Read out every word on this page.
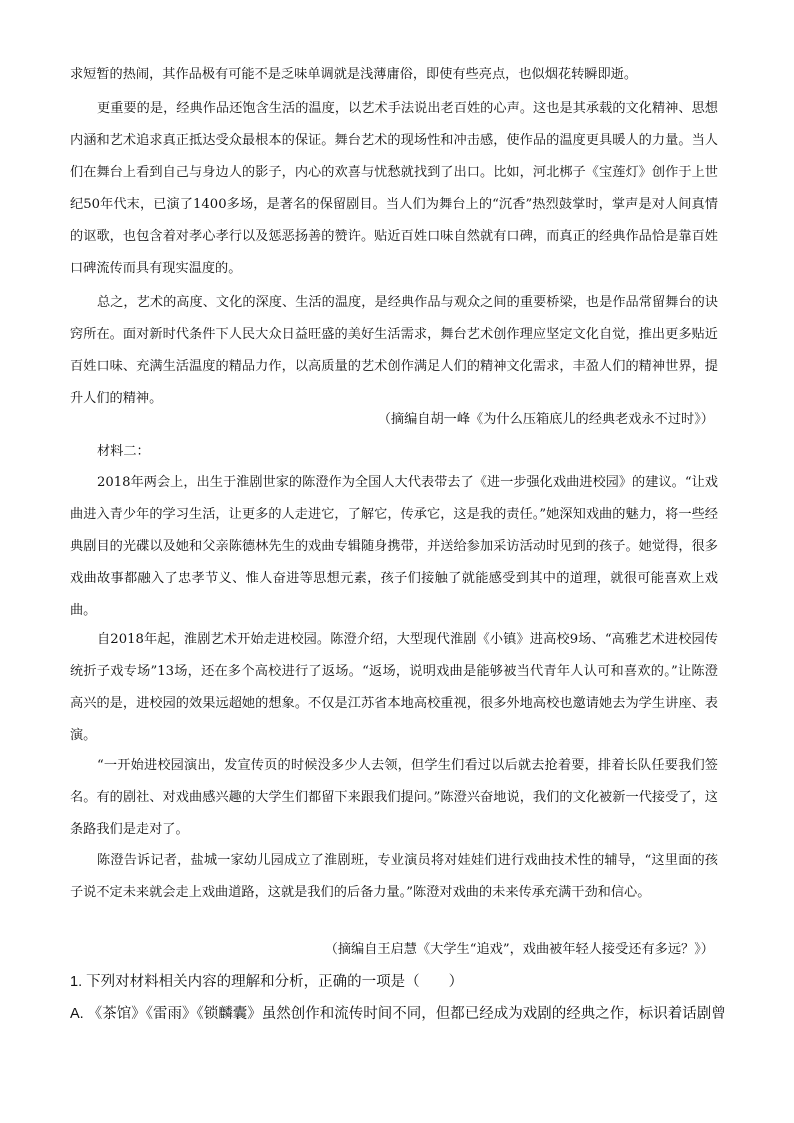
求短暂的热闹，其作品极有可能不是乏味单调就是浅薄庸俗，即使有些亮点，也似烟花转瞬即逝。

更重要的是，经典作品还饱含生活的温度，以艺术手法说出老百姓的心声。这也是其承载的文化精神、思想内涵和艺术追求真正抵达受众最根本的保证。舞台艺术的现场性和冲击感，使作品的温度更具暖人的力量。当人们在舞台上看到自己与身边人的影子，内心的欢喜与忧愁就找到了出口。比如，河北梆子《宝莲灯》创作于上世纪50年代末，已演了1400多场，是著名的保留剧目。当人们为舞台上的“沉香”热烈鼓掌时，掌声是对人间真情的讴歌，也包含着对孝心孝行以及惩恶扬善的赞许。贴近百姓口味自然就有口碑，而真正的经典作品恰是靠百姓口碑流传而具有现实温度的。

总之，艺术的高度、文化的深度、生活的温度，是经典作品与观众之间的重要桥梁，也是作品常留舞台的诀窍所在。面对新时代条件下人民大众日益旺盛的美好生活需求，舞台艺术创作理应坚定文化自觉，推出更多贴近百姓口味、充满生活温度的精品力作，以高质量的艺术创作满足人们的精神文化需求，丰盈人们的精神世界，提升人们的精神。

（摘编自胡一峰《为什么压箱底儿的经典老戏永不过时》）

材料二：

2018年两会上，出生于淮剧世家的陈澄作为全国人大代表带去了《进一步强化戏曲进校园》的建议。“让戏曲进入青少年的学习生活，让更多的人走进它，了解它，传承它，这是我的责任。”她深知戏曲的魅力，将一些经典剧目的光碟以及她和父亲陈德林先生的戏曲专辑随身携带，并送给参加采访活动时见到的孩子。她觉得，很多戏曲故事都融入了忠孝节义、惟人奋进等思想元素，孩子们接触了就能感受到其中的道理，就很可能喜欢上戏曲。

自2018年起，淮剧艺术开始走进校园。陈澄介绍，大型现代淮剧《小镇》进高校9场、“高雅艺术进校园传统折子戏专场”13场，还在多个高校进行了返场。“返场，说明戏曲是能够被当代青年人认可和喜欢的。”让陈澄高兴的是，进校园的效果远超她的想象。不仅是江苏省本地高校重视，很多外地高校也邀请她去为学生讲座、表演。

“一开始进校园演出，发宣传页的时候没多少人去领，但学生们看过以后就去抢着要，排着长队任要我们签名。有的剧社、对戏曲感兴趣的大学生们都留下来跟我们提问。”陈澄兴奋地说，我们的文化被新一代接受了，这条路我们是走对了。

陈澄告诉记者，盐城一家幼儿园成立了淮剧班，专业演员将对娃娃们进行戏曲技术性的辅导，“这里面的孩子说不定未来就会走上戏曲道路，这就是我们的后备力量。”陈澄对戏曲的未来传承充满干劲和信心。

（摘编自王启慧《大学生“追戏”，戏曲被年轻人接受还有多远？》）

1. 下列对材料相关内容的理解和分析，正确的一项是（　　）

A. 《茶馆》《雷雨》《锁麟囊》虽然创作和流传时间不同，但都已经成为戏剧的经典之作，标识着话剧曾
